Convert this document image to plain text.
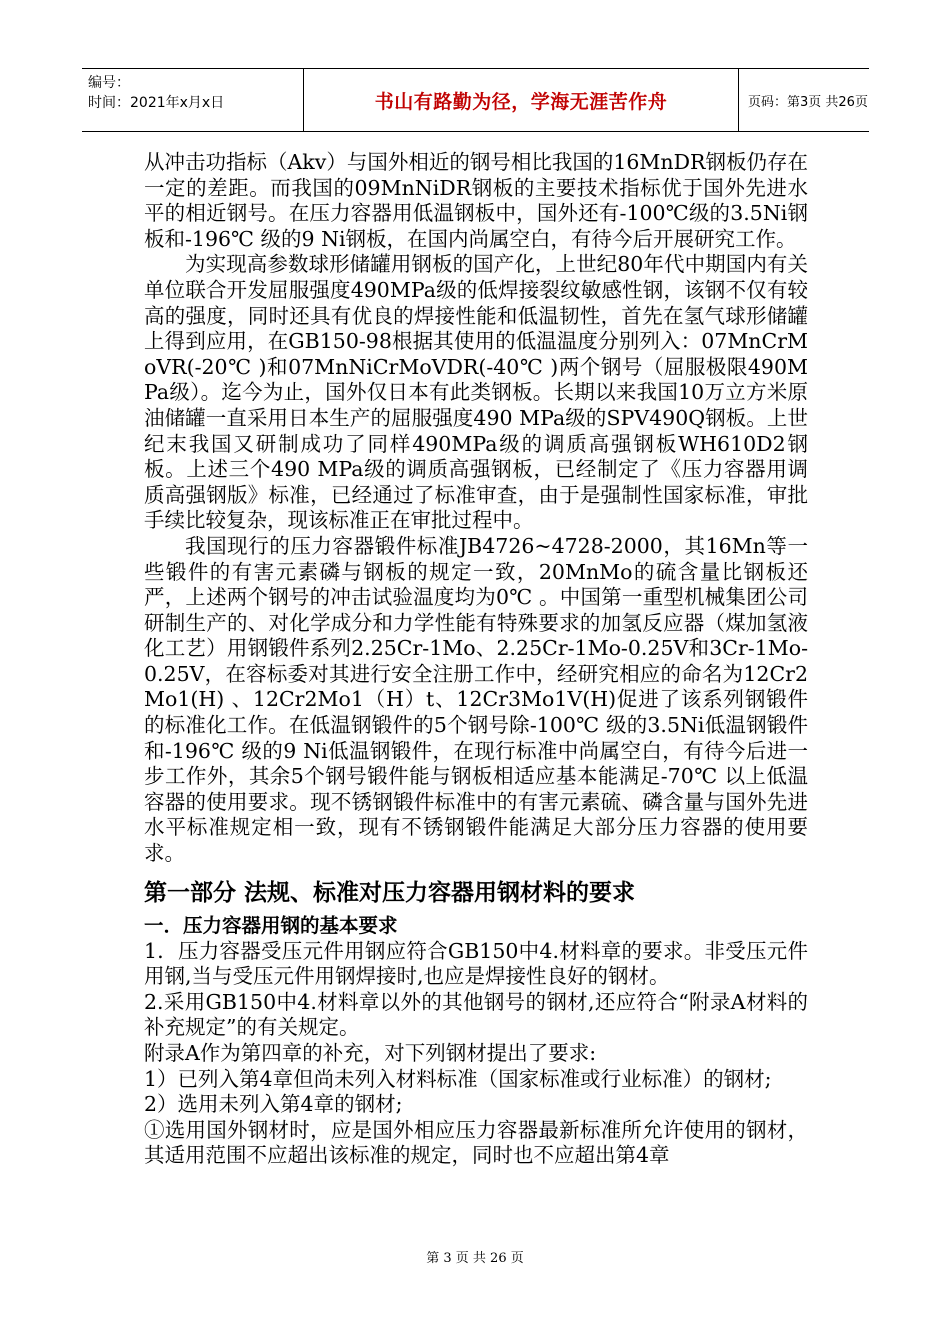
编号：
时间：2021年x月x日	书山有路勤为径，学海无涯苦作舟	页码：第3页 共26页

从冲击功指标（Akv）与国外相近的钢号相比我国的16MnDR钢板仍存在一定的差距。而我国的09MnNiDR钢板的主要技术指标优于国外先进水平的相近钢号。在压力容器用低温钢板中，国外还有-100℃级的3.5Ni钢板和-196℃ 级的9 Ni钢板，在国内尚属空白，有待今后开展研究工作。

为实现高参数球形储罐用钢板的国产化，上世纪80年代中期国内有关单位联合开发屈服强度490MPa级的低焊接裂纹敏感性钢，该钢不仅有较高的强度，同时还具有优良的焊接性能和低温韧性，首先在氢气球形储罐上得到应用，在GB150-98根据其使用的低温温度分别列入：07MnCrMoVR(-20℃ )和07MnNiCrMoVDR(-40℃ )两个钢号（屈服极限490MPa级）。迄今为止，国外仅日本有此类钢板。长期以来我国10万立方米原油储罐一直采用日本生产的屈服强度490 MPa级的SPV490Q钢板。上世纪末我国又研制成功了同样490MPa级的调质高强钢板WH610D2钢板。上述三个490 MPa级的调质高强钢板，已经制定了《压力容器用调质高强钢版》标准，已经通过了标准审查，由于是强制性国家标准，审批手续比较复杂，现该标准正在审批过程中。

我国现行的压力容器锻件标准JB4726~4728-2000，其16Mn等一些锻件的有害元素磷与钢板的规定一致，20MnMo的硫含量比钢板还严，上述两个钢号的冲击试验温度均为0℃ 。中国第一重型机械集团公司研制生产的、对化学成分和力学性能有特殊要求的加氢反应器（煤加氢液化工艺）用钢锻件系列2.25Cr-1Mo、2.25Cr-1Mo-0.25V和3Cr-1Mo-0.25V，在容标委对其进行安全注册工作中，经研究相应的命名为12Cr2Mo1(H) 、12Cr2Mo1（H）t、12Cr3Mo1V(H)促进了该系列钢锻件的标准化工作。在低温钢锻件的5个钢号除-100℃ 级的3.5Ni低温钢锻件和-196℃ 级的9 Ni低温钢锻件，在现行标准中尚属空白，有待今后进一步工作外，其余5个钢号锻件能与钢板相适应基本能满足-70℃ 以上低温容器的使用要求。现不锈钢锻件标准中的有害元素硫、磷含量与国外先进水平标准规定相一致，现有不锈钢锻件能满足大部分压力容器的使用要求。

第一部分 法规、标准对压力容器用钢材料的要求
一．压力容器用钢的基本要求

1．压力容器受压元件用钢应符合GB150中4.材料章的要求。非受压元件用钢,当与受压元件用钢焊接时,也应是焊接性良好的钢材。

2.采用GB150中4.材料章以外的其他钢号的钢材,还应符合“附录A材料的补充规定”的有关规定。

附录A作为第四章的补充，对下列钢材提出了要求:

1）已列入第4章但尚未列入材料标准（国家标准或行业标准）的钢材;

2）选用未列入第4章的钢材;

①选用国外钢材时，应是国外相应压力容器最新标准所允许使用的钢材，其适用范围不应超出该标准的规定，同时也不应超出第4章

第 3 页 共 26 页
